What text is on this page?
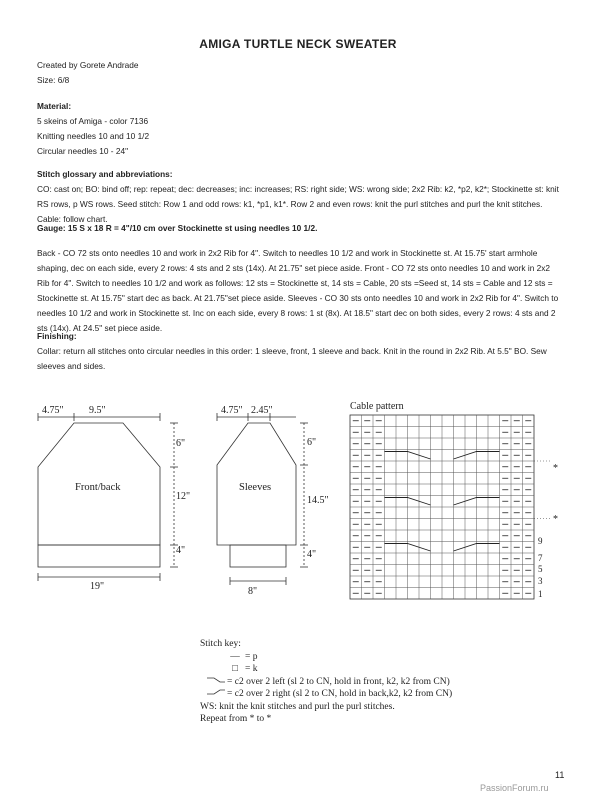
AMIGA TURTLE NECK SWEATER

Created by Gorete Andrade

Size: 6/8

Material:

5 skeins of Amiga - color 7136

Knitting needles 10 and 10 1/2

Circular needles 10 - 24"

Stitch glossary and abbreviations:

CO: cast on; BO: bind off; rep: repeat; dec: decreases; inc: increases; RS: right side; WS: wrong side; 2x2 Rib: k2, *p2, k2*; Stockinette st: knit RS rows, p WS rows. Seed stitch: Row 1 and odd rows: k1, *p1, k1*. Row 2 and even rows: knit the purl stitches and purl the knit stitches. Cable: follow chart.

Gauge: 15 S x 18 R = 4"/10 cm over Stockinette st using needles 10 1/2.
Back - CO 72 sts onto needles 10 and work in 2x2 Rib for 4". Switch to needles 10 1/2 and work in Stockinette st. At 15.75' start armhole shaping, dec on each side, every 2 rows: 4 sts and 2 sts (14x). At 21.75" set piece aside. Front - CO 72 sts onto needles 10 and work in 2x2 Rib for 4". Switch to needles 10 1/2 and work as follows: 12 sts = Stockinette st, 14 sts = Cable, 20 sts =Seed st, 14 sts = Cable and 12 sts = Stockinette st. At 15.75" start dec as back. At 21.75"set piece aside. Sleeves - CO 30 sts onto needles 10 and work in 2x2 Rib for 4". Switch to needles 10 1/2 and work in Stockinette st. Inc on each side, every 8 rows: 1 st (8x). At 18.5" start dec on both sides, every 2 rows: 4 sts and 2 sts (14x). At 24.5" set piece aside.

Finishing:

Collar: return all stitches onto circular needles in this order: 1 sleeve, front, 1 sleeve and back. Knit in the round in 2x2 Rib. At 5.5" BO. Sew sleeves and sides.

4.75"	9.5"
Front/back
6"
12"
4"
19"
4.75" 2.45"
Sleeves
6"
14.5"
4"
8"
Cable pattern
*
*
9
7
5
3
1
Stitch key:
— = p
□ = k
= c2 over 2 left (sl 2 to CN, hold in front, k2, k2 from CN)
= c2 over 2 right (sl 2 to CN, hold in back,k2, k2 from CN)
WS: knit the knit stitches and purl the purl stitches.
Repeat from * to *
11
PassionForum.ru
